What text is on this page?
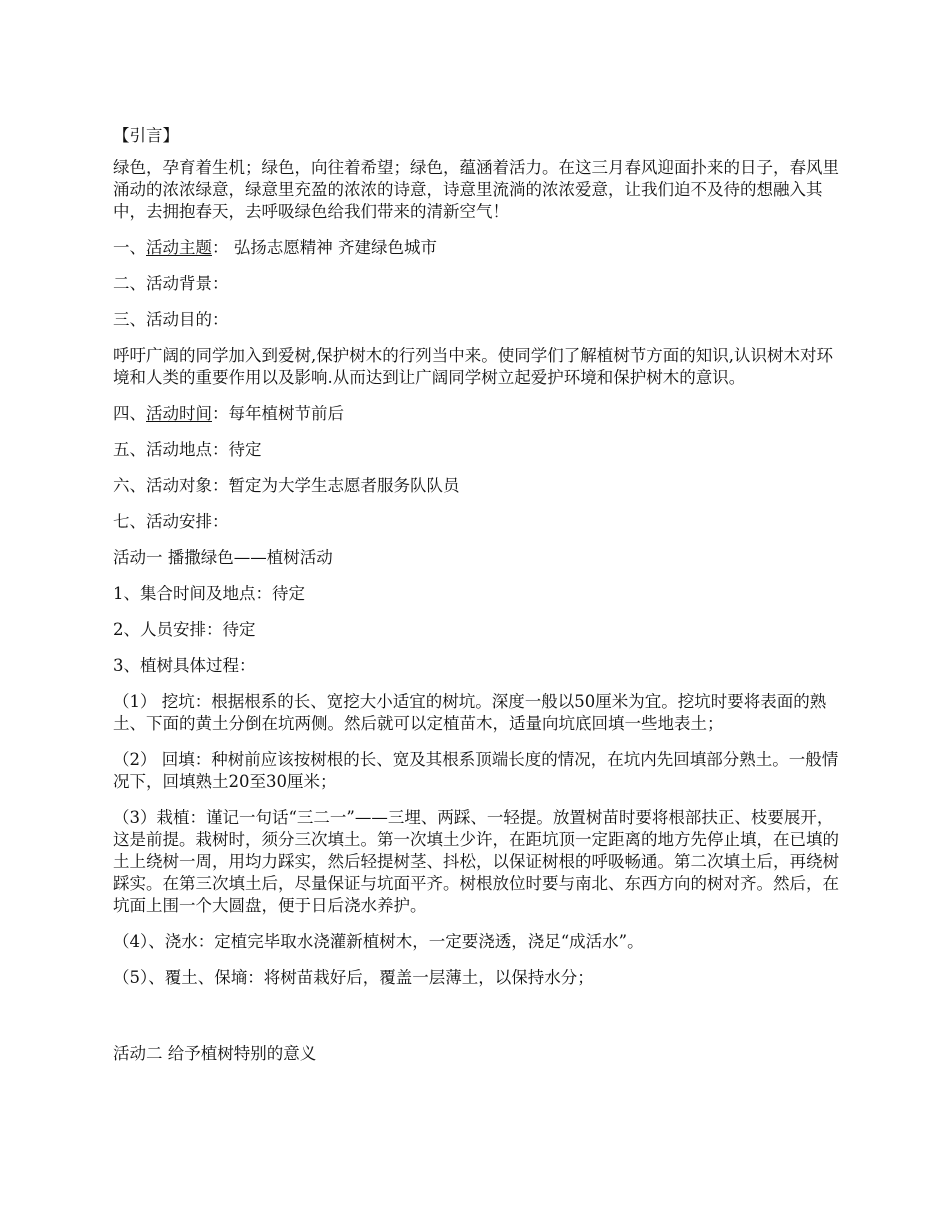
【引言】

绿色，孕育着生机；绿色，向往着希望；绿色，蕴涵着活力。在这三月春风迎面扑来的日子，春风里涌动的浓浓绿意，绿意里充盈的浓浓的诗意，诗意里流淌的浓浓爱意，让我们迫不及待的想融入其中，去拥抱春天，去呼吸绿色给我们带来的清新空气！

一、活动主题： 弘扬志愿精神 齐建绿色城市

二、活动背景：

三、活动目的：

呼吁广阔的同学加入到爱树,保护树木的行列当中来。使同学们了解植树节方面的知识,认识树木对环境和人类的重要作用以及影响.从而达到让广阔同学树立起爱护环境和保护树木的意识。

四、活动时间：每年植树节前后

五、活动地点：待定

六、活动对象：暂定为大学生志愿者服务队队员

七、活动安排：

活动一 播撒绿色——植树活动

1、集合时间及地点：待定

2、人员安排：待定

3、植树具体过程：

（1） 挖坑：根据根系的长、宽挖大小适宜的树坑。深度一般以50厘米为宜。挖坑时要将表面的熟土、下面的黄土分倒在坑两侧。然后就可以定植苗木，适量向坑底回填一些地表土；

（2） 回填：种树前应该按树根的长、宽及其根系顶端长度的情况，在坑内先回填部分熟土。一般情况下，回填熟土20至30厘米；

（3）栽植：谨记一句话“三二一”——三埋、两踩、一轻提。放置树苗时要将根部扶正、枝要展开，这是前提。栽树时，须分三次填土。第一次填土少许，在距坑顶一定距离的地方先停止填，在已填的土上绕树一周，用均力踩实，然后轻提树茎、抖松，以保证树根的呼吸畅通。第二次填土后，再绕树踩实。在第三次填土后，尽量保证与坑面平齐。树根放位时要与南北、东西方向的树对齐。然后，在坑面上围一个大圆盘，便于日后浇水养护。

（4）、浇水：定植完毕取水浇灌新植树木，一定要浇透，浇足“成活水”。

（5）、覆土、保墒：将树苗栽好后，覆盖一层薄土，以保持水分；

活动二 给予植树特别的意义
